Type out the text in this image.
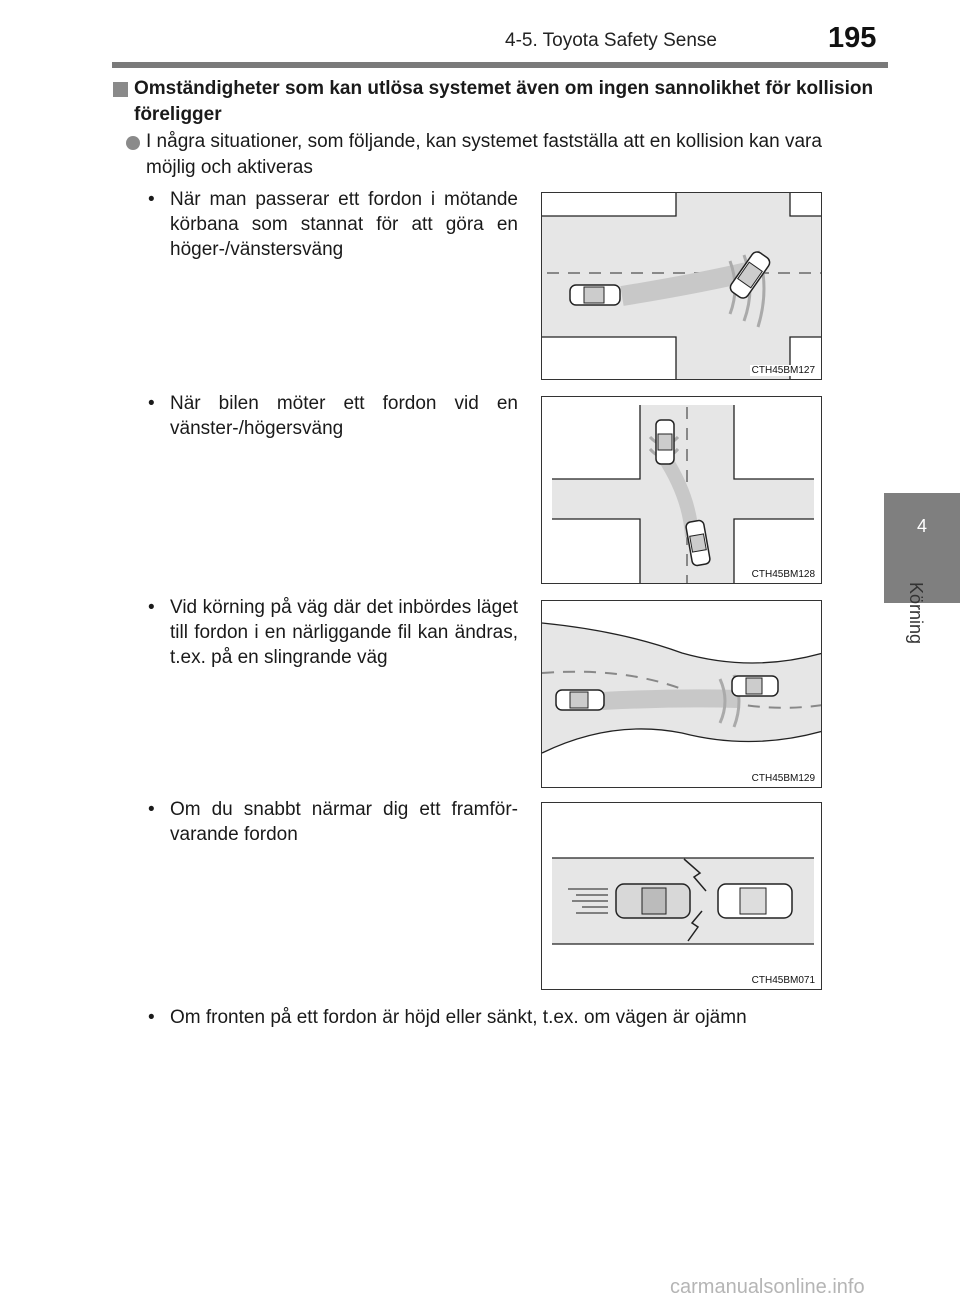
4-5. Toyota Safety Sense	195
4
Körning
Omständigheter som kan utlösa systemet även om ingen sannolikhet för kollision föreligger
I några situationer, som följande, kan systemet fastställa att en kollision kan vara möjlig och aktiveras
• När man passerar ett fordon i mötande körbana som stannat för att göra en höger-/vänstersväng
CTH45BM127
• När bilen möter ett fordon vid en vänster-/högersväng
CTH45BM128
• Vid körning på väg där det inbördes läget till fordon i en närliggande fil kan ändras, t.ex. på en slingrande väg
CTH45BM129
• Om du snabbt närmar dig ett framför-varande fordon
CTH45BM071
• Om fronten på ett fordon är höjd eller sänkt, t.ex. om vägen är ojämn
carmanualsonline.info
